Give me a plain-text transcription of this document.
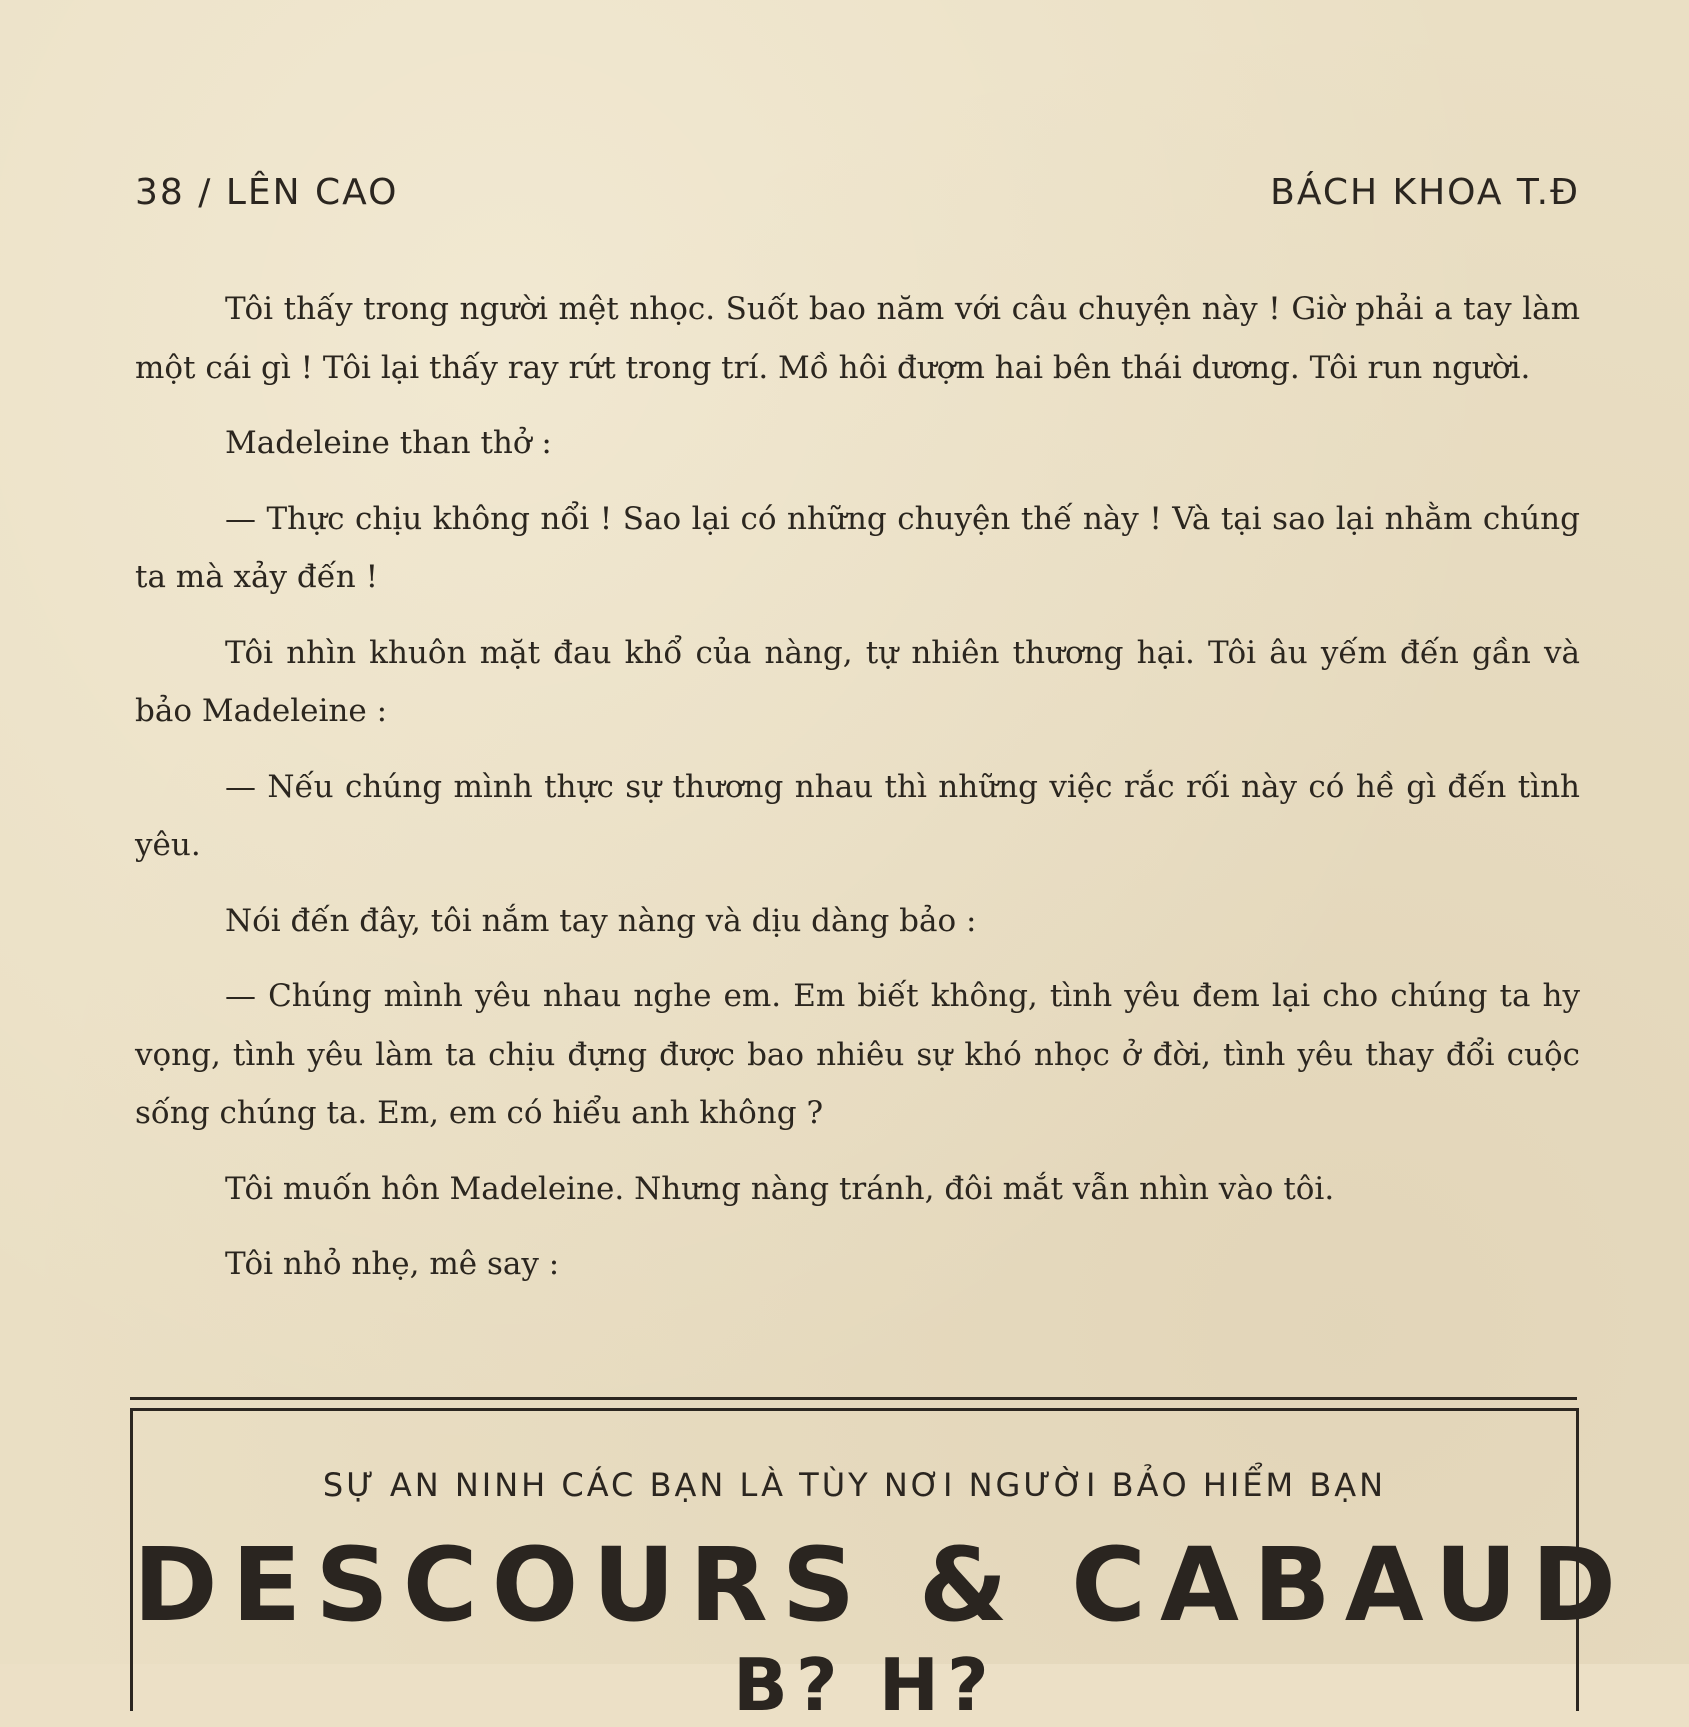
38 / LÊN CAO	BÁCH KHOA T.Đ

Tôi thấy trong người mệt nhọc. Suốt bao năm với câu chuyện này ! Giờ phải a tay làm một cái gì ! Tôi lại thấy ray rứt trong trí. Mồ hôi đượm hai bên thái dương. Tôi run người.

Madeleine than thở :

— Thực chịu không nổi ! Sao lại có những chuyện thế này ! Và tại sao lại nhằm chúng ta mà xảy đến !

Tôi nhìn khuôn mặt đau khổ của nàng, tự nhiên thương hại. Tôi âu yếm đến gần và bảo Madeleine :

— Nếu chúng mình thực sự thương nhau thì những việc rắc rối này có hề gì đến tình yêu.

Nói đến đây, tôi nắm tay nàng và dịu dàng bảo :

— Chúng mình yêu nhau nghe em. Em biết không, tình yêu đem lại cho chúng ta hy vọng, tình yêu làm ta chịu đựng được bao nhiêu sự khó nhọc ở đời, tình yêu thay đổi cuộc sống chúng ta. Em, em có hiểu anh không ?

Tôi muốn hôn Madeleine. Nhưng nàng tránh, đôi mắt vẫn nhìn vào tôi.

Tôi nhỏ nhẹ, mê say :

SỰ AN NINH CÁC BẠN LÀ TÙY NƠI NGƯỜI BẢO HIỂM BẠN
DESCOURS & CABAUD
B? H?
